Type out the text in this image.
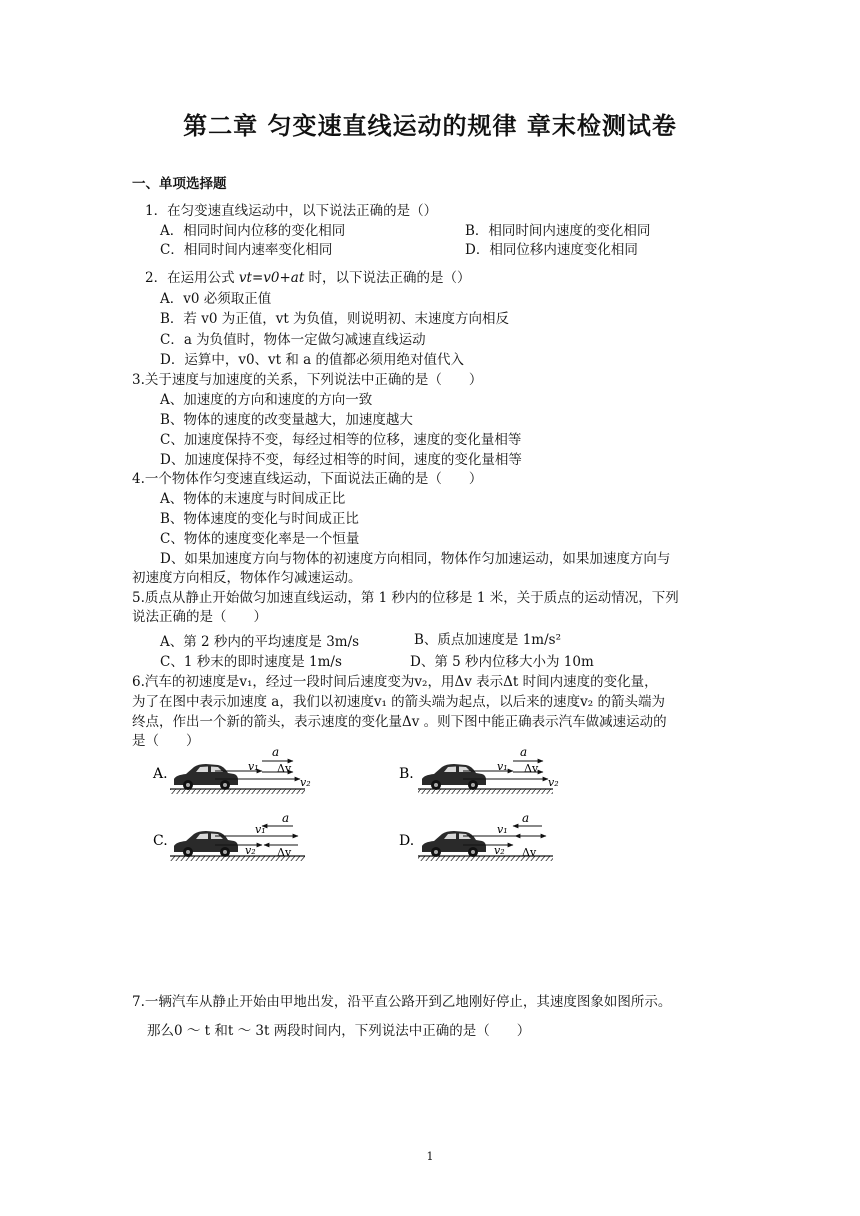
第二章 匀变速直线运动的规律 章末检测试卷
一、单项选择题
1．在匀变速直线运动中，以下说法正确的是（）
A．相同时间内位移的变化相同	B．相同时间内速度的变化相同
C．相同时间内速率变化相同	D．相同位移内速度变化相同
2．在运用公式 vt=v0+at 时，以下说法正确的是（）
A．v0 必须取正值
B．若 v0 为正值，vt 为负值，则说明初、末速度方向相反
C．a 为负值时，物体一定做匀减速直线运动
D．运算中，v0、vt 和 a 的值都必须用绝对值代入
3.关于速度与加速度的关系，下列说法中正确的是（　　）
A、加速度的方向和速度的方向一致
B、物体的速度的改变量越大，加速度越大
C、加速度保持不变，每经过相等的位移，速度的变化量相等
D、加速度保持不变，每经过相等的时间，速度的变化量相等
4.一个物体作匀变速直线运动，下面说法正确的是（　　）
A、物体的末速度与时间成正比
B、物体速度的变化与时间成正比
C、物体的速度变化率是一个恒量
D、如果加速度方向与物体的初速度方向相同，物体作匀加速运动，如果加速度方向与
初速度方向相反，物体作匀减速运动。
5.质点从静止开始做匀加速直线运动，第 1 秒内的位移是 1 米，关于质点的运动情况，下列
说法正确的是（　　）
A、第 2 秒内的平均速度是 3m/s	B、质点加速度是 1m/s²
C、1 秒末的即时速度是 1m/s	D、第 5 秒内位移大小为 10m
6.汽车的初速度是v₁，经过一段时间后速度变为v₂，用Δv 表示Δt 时间内速度的变化量，
为了在图中表示加速度 a，我们以初速度v₁ 的箭头端为起点，以后来的速度v₂ 的箭头端为
终点，作出一个新的箭头，表示速度的变化量Δv 。则下图中能正确表示汽车做减速运动的
是（　　）
A.	v₁
v₂
a
Δv	B.	v₁
v₂
a
Δv
C.
v₁
v₂
a
Δv
D.
v₁
v₂
a
Δv
7.一辆汽车从静止开始由甲地出发，沿平直公路开到乙地刚好停止，其速度图象如图所示。
那么0 ～ t 和t ～ 3t 两段时间内，下列说法中正确的是（　　）
1
